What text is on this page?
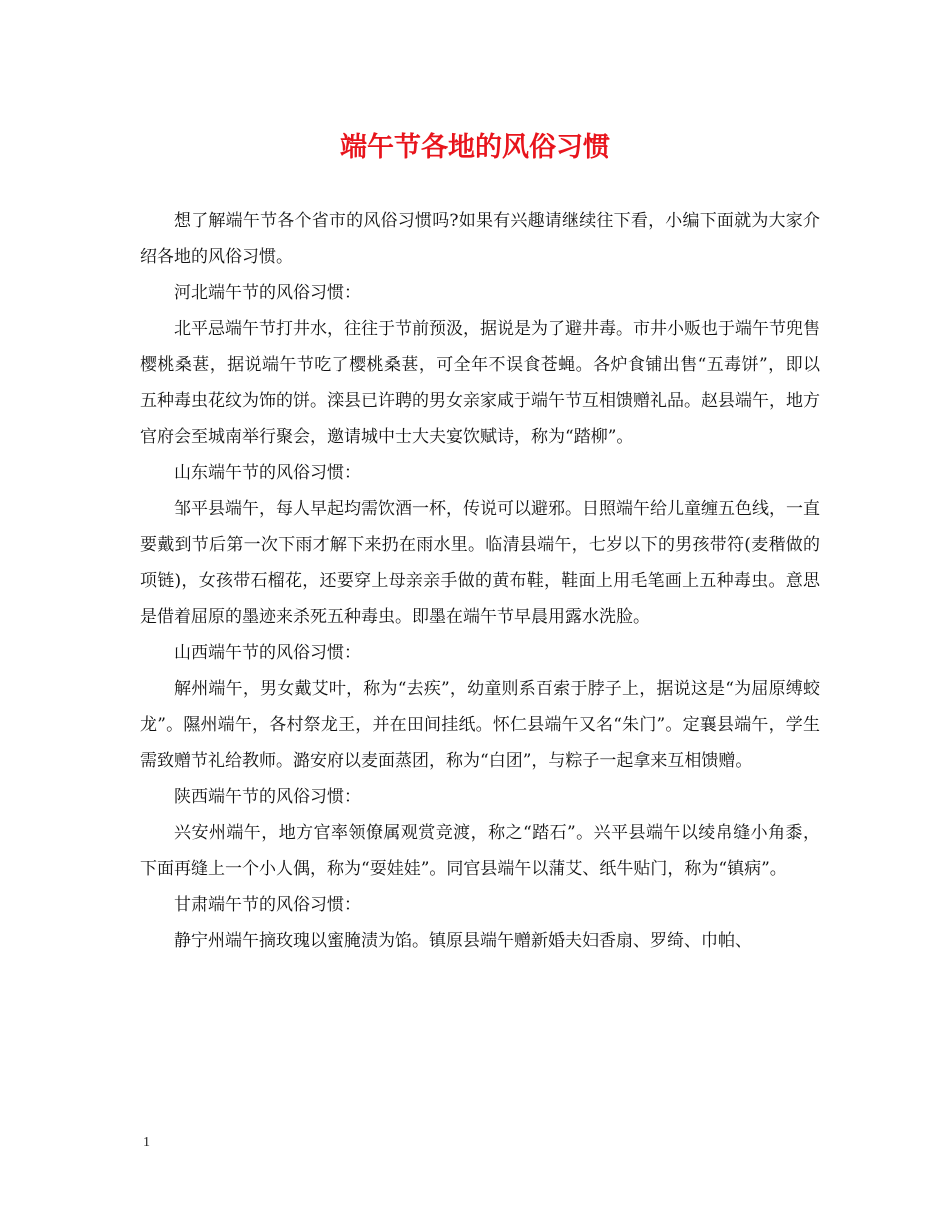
端午节各地的风俗习惯

想了解端午节各个省市的风俗习惯吗?如果有兴趣请继续往下看，小编下面就为大家介绍各地的风俗习惯。

河北端午节的风俗习惯：

北平忌端午节打井水，往往于节前预汲，据说是为了避井毒。市井小贩也于端午节兜售樱桃桑葚，据说端午节吃了樱桃桑葚，可全年不误食苍蝇。各炉食铺出售“五毒饼”，即以五种毒虫花纹为饰的饼。滦县已许聘的男女亲家咸于端午节互相馈赠礼品。赵县端午，地方官府会至城南举行聚会，邀请城中士大夫宴饮赋诗，称为“踏柳”。

山东端午节的风俗习惯：

邹平县端午，每人早起均需饮酒一杯，传说可以避邪。日照端午给儿童缠五色线，一直要戴到节后第一次下雨才解下来扔在雨水里。临清县端午，七岁以下的男孩带符(麦稭做的项链)，女孩带石榴花，还要穿上母亲亲手做的黄布鞋，鞋面上用毛笔画上五种毒虫。意思是借着屈原的墨迹来杀死五种毒虫。即墨在端午节早晨用露水洗脸。

山西端午节的风俗习惯：

解州端午，男女戴艾叶，称为“去疾”，幼童则系百索于脖子上，据说这是“为屈原缚蛟龙”。隰州端午，各村祭龙王，并在田间挂纸。怀仁县端午又名“朱门”。定襄县端午，学生需致赠节礼给教师。潞安府以麦面蒸团，称为“白团”，与粽子一起拿来互相馈赠。

陕西端午节的风俗习惯：

兴安州端午，地方官率领僚属观赏竞渡，称之“踏石”。兴平县端午以绫帛缝小角黍，下面再缝上一个小人偶，称为“耍娃娃”。同官县端午以蒲艾、纸牛贴门，称为“镇病”。

甘肃端午节的风俗习惯：

静宁州端午摘玫瑰以蜜腌渍为馅。镇原县端午赠新婚夫妇香扇、罗绮、巾帕、

1
